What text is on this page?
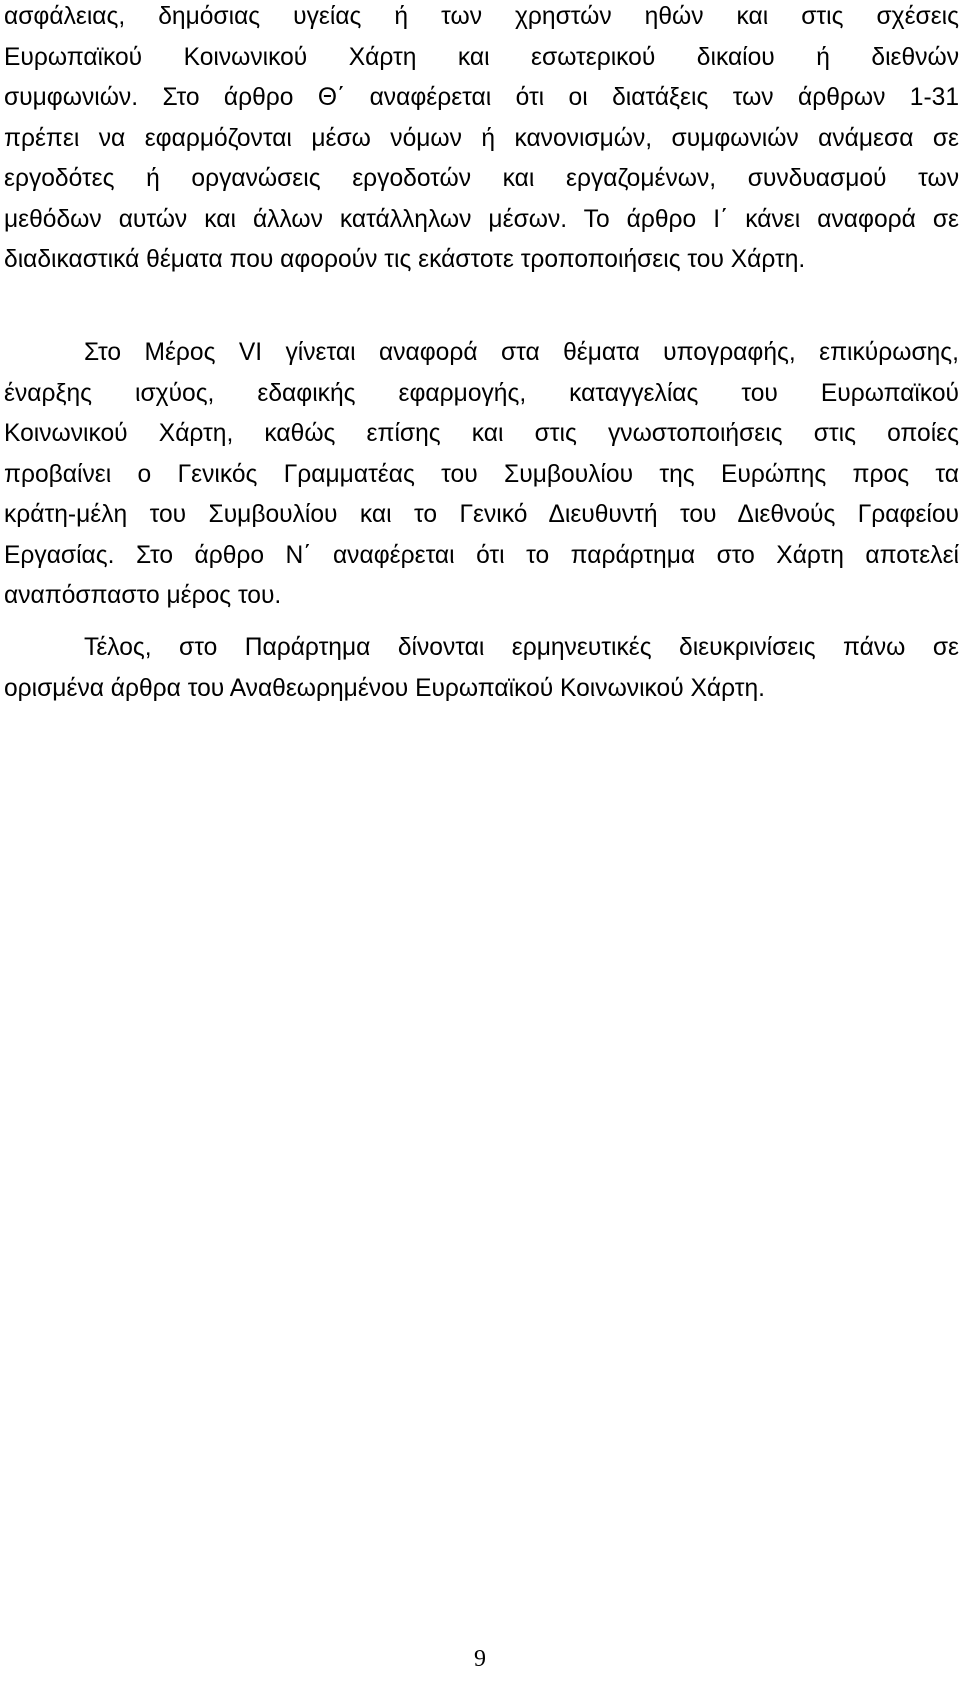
ασφάλειας, δημόσιας υγείας ή των χρηστών ηθών και στις σχέσεις
Ευρωπαϊκού Κοινωνικού Χάρτη και εσωτερικού δικαίου ή διεθνών
συμφωνιών. Στο άρθρο Θ΄ αναφέρεται ότι οι διατάξεις των άρθρων 1-31
πρέπει να εφαρμόζονται μέσω νόμων ή κανονισμών, συμφωνιών ανάμεσα σε
εργοδότες ή οργανώσεις εργοδοτών και εργαζομένων, συνδυασμού των
μεθόδων αυτών και άλλων κατάλληλων μέσων. Το άρθρο Ι΄ κάνει αναφορά σε
διαδικαστικά θέματα που αφορούν τις εκάστοτε τροποποιήσεις του Χάρτη.

Στο Μέρος VI γίνεται αναφορά στα θέματα υπογραφής, επικύρωσης,
έναρξης ισχύος, εδαφικής εφαρμογής, καταγγελίας του Ευρωπαϊκού
Κοινωνικού Χάρτη, καθώς επίσης και στις γνωστοποιήσεις στις οποίες
προβαίνει ο Γενικός Γραμματέας του Συμβουλίου της Ευρώπης προς τα
κράτη-μέλη του Συμβουλίου και το Γενικό Διευθυντή του Διεθνούς Γραφείου
Εργασίας. Στο άρθρο Ν΄ αναφέρεται ότι το παράρτημα στο Χάρτη αποτελεί
αναπόσπαστο μέρος του.

Τέλος, στο Παράρτημα δίνονται ερμηνευτικές διευκρινίσεις πάνω σε
ορισμένα άρθρα του Αναθεωρημένου Ευρωπαϊκού Κοινωνικού Χάρτη.

9
